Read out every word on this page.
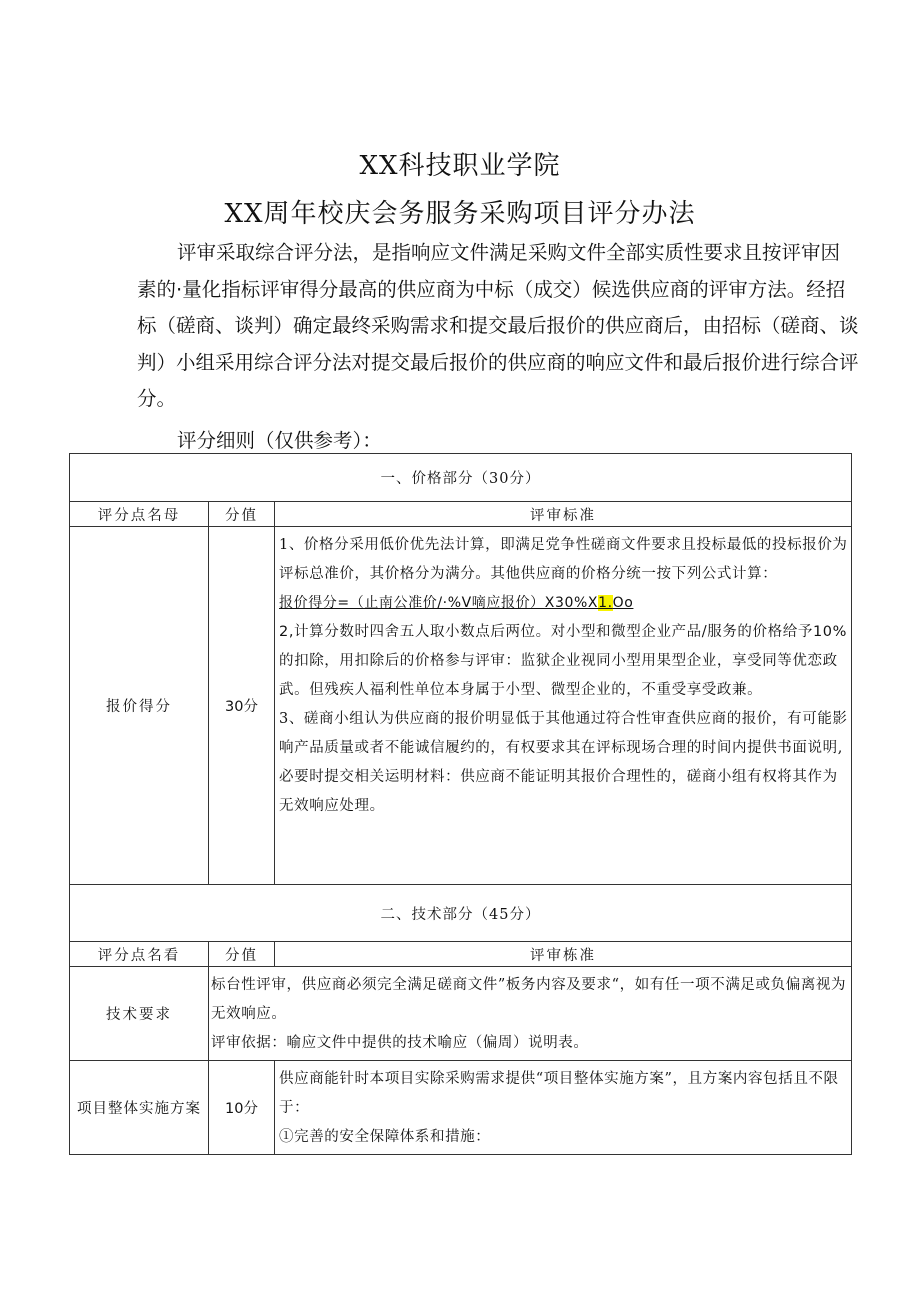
XX科技职业学院
XX周年校庆会务服务采购项目评分办法
评审采取综合评分法，是指响应文件满足采购文件全部实质性要求且按评审因素的·量化指标评审得分最高的供应商为中标（成交）候选供应商的评审方法。经招标（磋商、谈判）确定最终采购需求和提交最后报价的供应商后，由招标（磋商、谈判）小组采用综合评分法对提交最后报价的供应商的响应文件和最后报价进行综合评分。
评分细则（仅供参考）：
一、价格部分（30分）		
评分点名母	分值	评审标准
报价得分	30分	1、价格分采用低价优先法计算，即满足党争性磋商文件要求且投标最低的投标报价为评标总准价，其价格分为满分。其他供应商的价格分统一按下列公式计算：

报价得分=（止南公准价/·%V嘀应报价）X30%X1.Oo

2,计算分数时四舍五人取小数点后两位。对小型和微型企业产品/服务的价格给予10%的扣除，用扣除后的价格参与评审：监狱企业视同小型用果型企业，享受同等优恋政武。但残疾人福利性单位本身属于小型、微型企业的，不重受享受政兼。

3、磋商小组认为供应商的报价明显低于其他通过符合性审査供应商的报价，有可能影响产品质量或者不能诚信履约的，有权要求其在评标现场合理的时间内提供书面说明,必要时提交相关运明材料：供应商不能证明其报价合理性的，磋商小组有权将其作为无效响应处理。

二、技术部分（45分）		
评分点名看	分值	评审栋准
技术要求	标台性评审，供应商必须完全满足磋商文件”板务内容及要求“，如有任一项不满足或负偏离视为无效响应。

评审依据：喻应文件中提供的技术喻应（偏周）说明表。	

项目整体实施方案	10分	供应商能针时本项目实除采购需求提供“项目整体实施方案”，且方案内容包括且不限于：

①完善的安全保障体系和措施：
